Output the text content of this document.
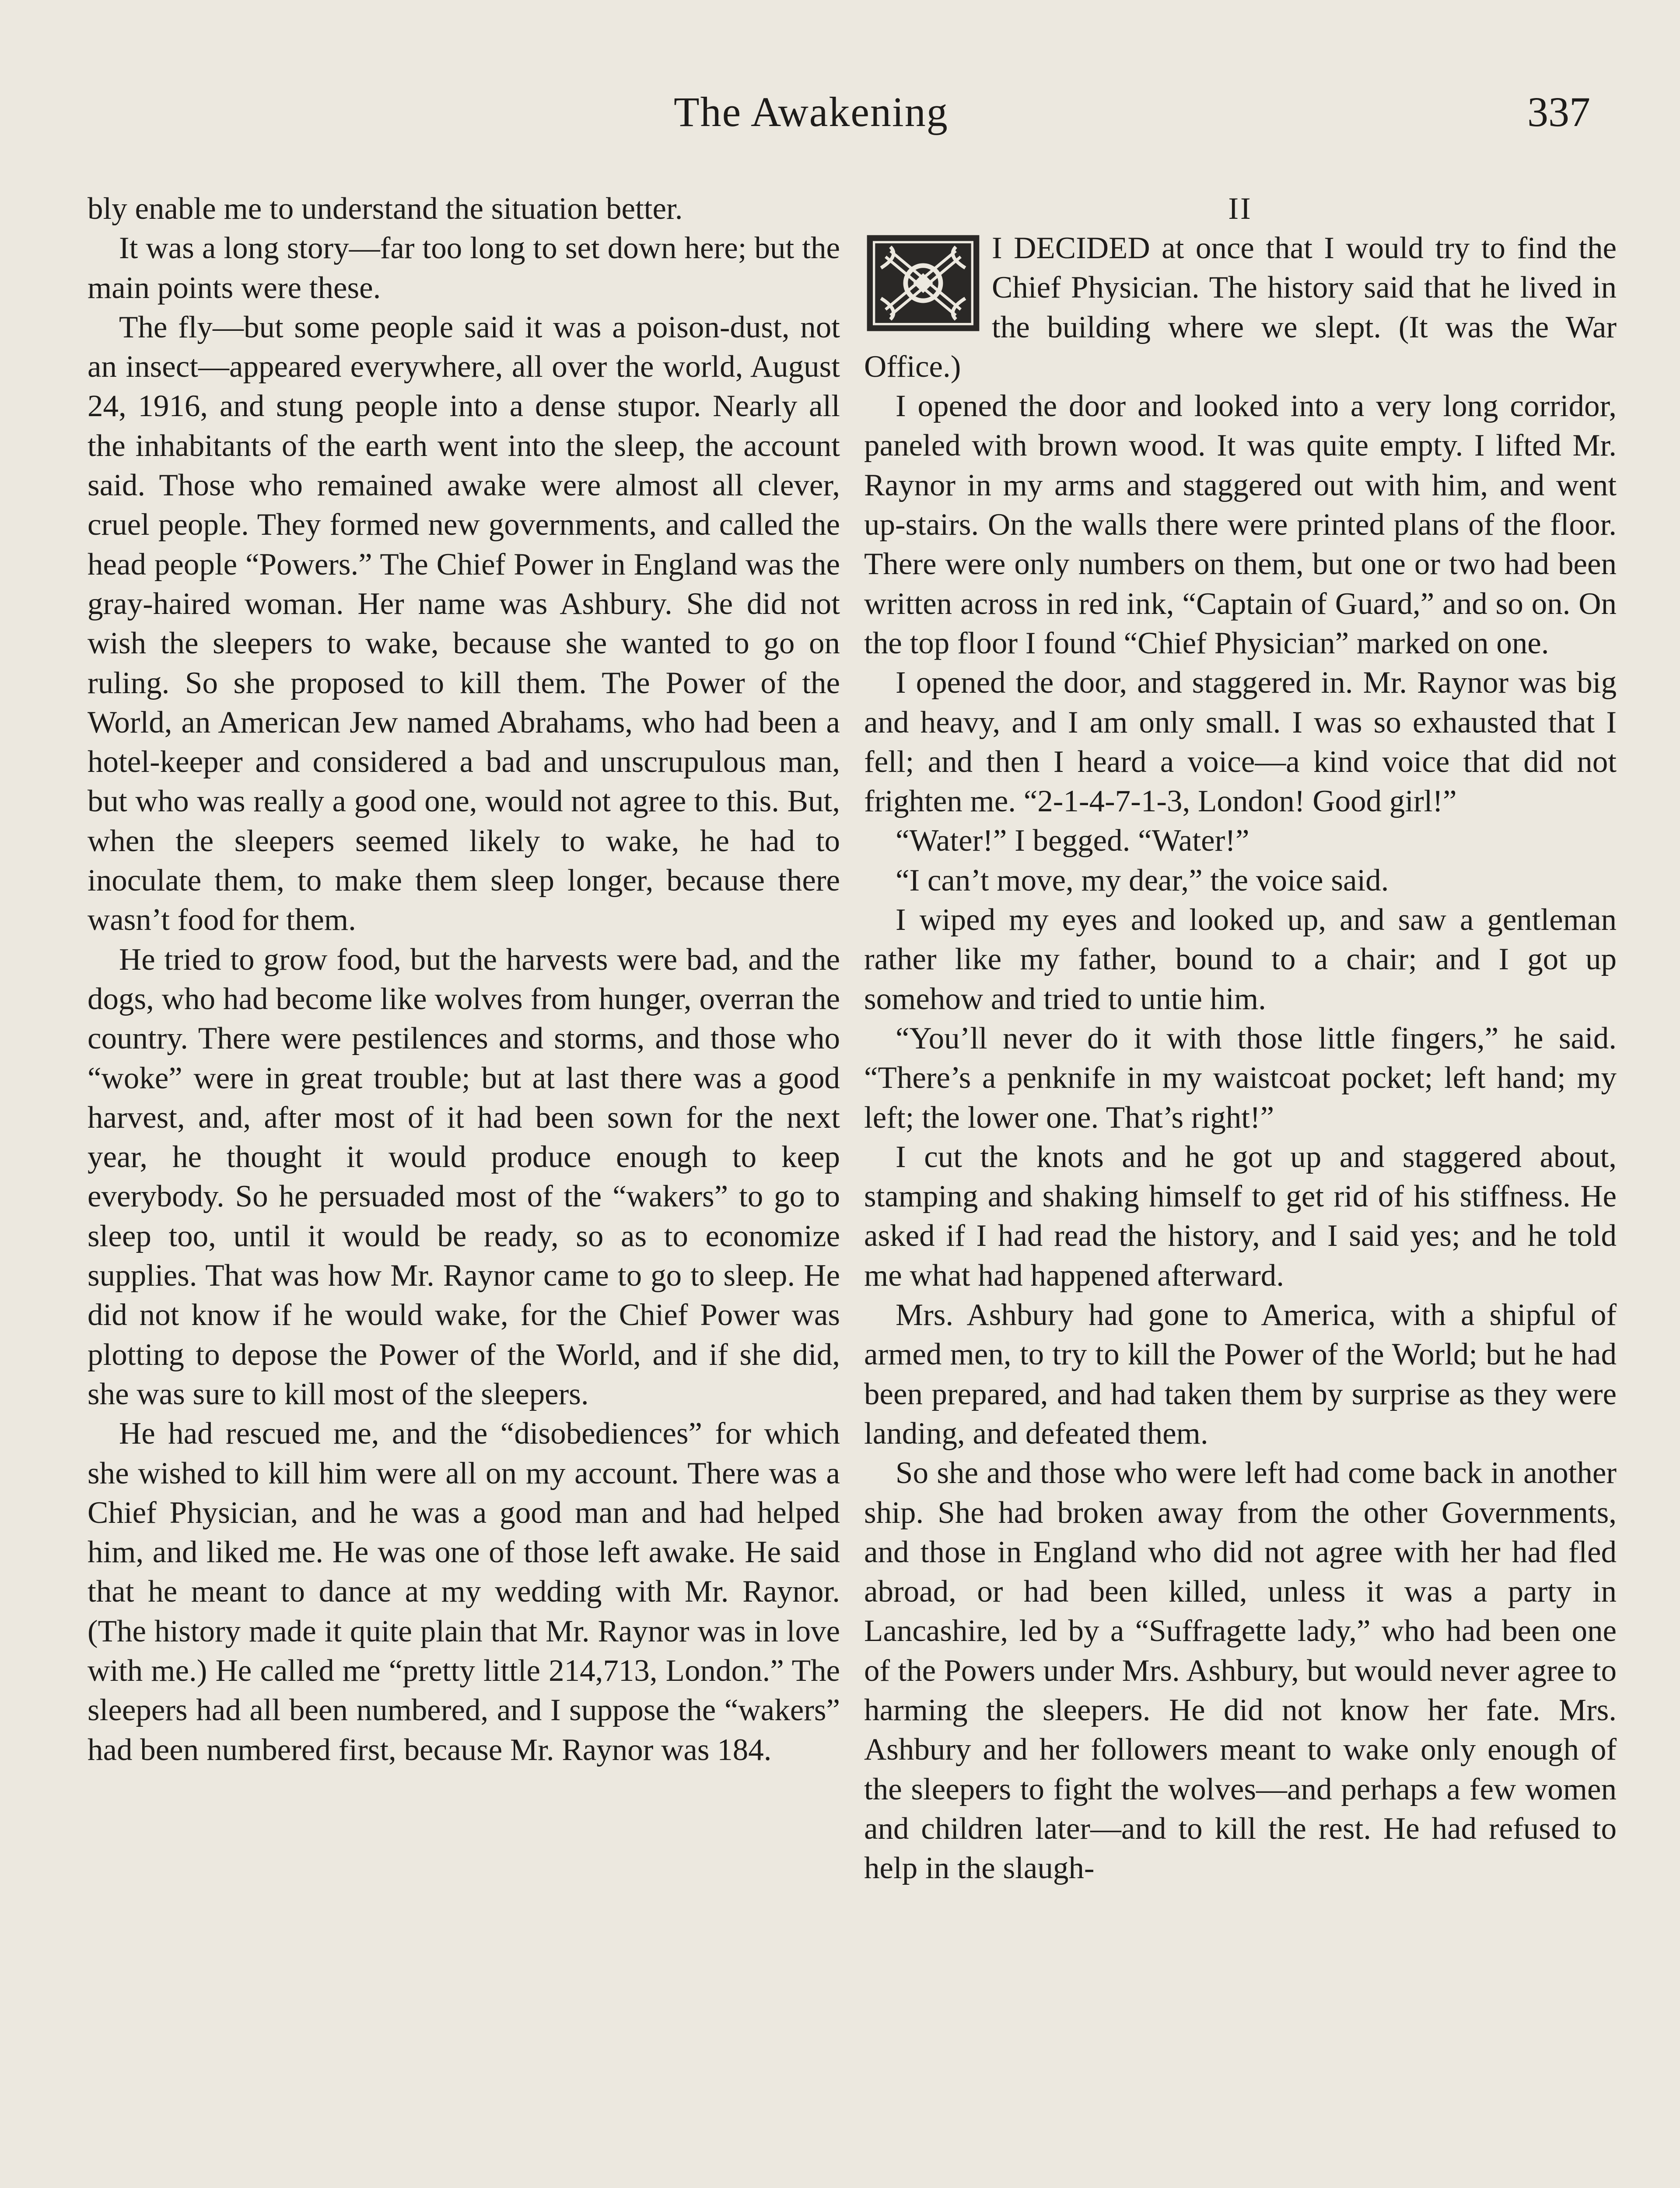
The Awakening	337

bly enable me to understand the situation better.

It was a long story—far too long to set down here; but the main points were these.

The fly—but some people said it was a poison-dust, not an insect—appeared everywhere, all over the world, August 24, 1916, and stung people into a dense stupor. Nearly all the inhabitants of the earth went into the sleep, the account said. Those who remained awake were almost all clever, cruel people. They formed new governments, and called the head people “Powers.” The Chief Power in England was the gray-haired woman. Her name was Ashbury. She did not wish the sleepers to wake, because she wanted to go on ruling. So she proposed to kill them. The Power of the World, an American Jew named Abrahams, who had been a hotel-keeper and considered a bad and unscrupulous man, but who was really a good one, would not agree to this. But, when the sleepers seemed likely to wake, he had to inoculate them, to make them sleep longer, because there wasn’t food for them.

He tried to grow food, but the harvests were bad, and the dogs, who had become like wolves from hunger, overran the country. There were pestilences and storms, and those who “woke” were in great trouble; but at last there was a good harvest, and, after most of it had been sown for the next year, he thought it would produce enough to keep everybody. So he persuaded most of the “wakers” to go to sleep too, until it would be ready, so as to economize supplies. That was how Mr. Raynor came to go to sleep. He did not know if he would wake, for the Chief Power was plotting to depose the Power of the World, and if she did, she was sure to kill most of the sleepers.

He had rescued me, and the “disobediences” for which she wished to kill him were all on my account. There was a Chief Physician, and he was a good man and had helped him, and liked me. He was one of those left awake. He said that he meant to dance at my wedding with Mr. Raynor. (The history made it quite plain that Mr. Raynor was in love with me.) He called me “pretty little 214,713, London.” The sleepers had all been numbered, and I suppose the “wakers” had been numbered first, because Mr. Raynor was 184.

II

I DECIDED at once that I would try to find the Chief Physician. The history said that he lived in the building where we slept. (It was the War Office.)

I opened the door and looked into a very long corridor, paneled with brown wood. It was quite empty. I lifted Mr. Raynor in my arms and staggered out with him, and went up-stairs. On the walls there were printed plans of the floor. There were only numbers on them, but one or two had been written across in red ink, “Captain of Guard,” and so on. On the top floor I found “Chief Physician” marked on one.

I opened the door, and staggered in. Mr. Raynor was big and heavy, and I am only small. I was so exhausted that I fell; and then I heard a voice—a kind voice that did not frighten me. “2-1-4-7-1-3, London! Good girl!”

“Water!” I begged. “Water!”

“I can’t move, my dear,” the voice said.

I wiped my eyes and looked up, and saw a gentleman rather like my father, bound to a chair; and I got up somehow and tried to untie him.

“You’ll never do it with those little fingers,” he said. “There’s a penknife in my waistcoat pocket; left hand; my left; the lower one. That’s right!”

I cut the knots and he got up and staggered about, stamping and shaking himself to get rid of his stiffness. He asked if I had read the history, and I said yes; and he told me what had happened afterward.

Mrs. Ashbury had gone to America, with a shipful of armed men, to try to kill the Power of the World; but he had been prepared, and had taken them by surprise as they were landing, and defeated them.

So she and those who were left had come back in another ship. She had broken away from the other Governments, and those in England who did not agree with her had fled abroad, or had been killed, unless it was a party in Lancashire, led by a “Suffragette lady,” who had been one of the Powers under Mrs. Ashbury, but would never agree to harming the sleepers. He did not know her fate. Mrs. Ashbury and her followers meant to wake only enough of the sleepers to fight the wolves—and perhaps a few women and children later—and to kill the rest. He had refused to help in the slaugh-
